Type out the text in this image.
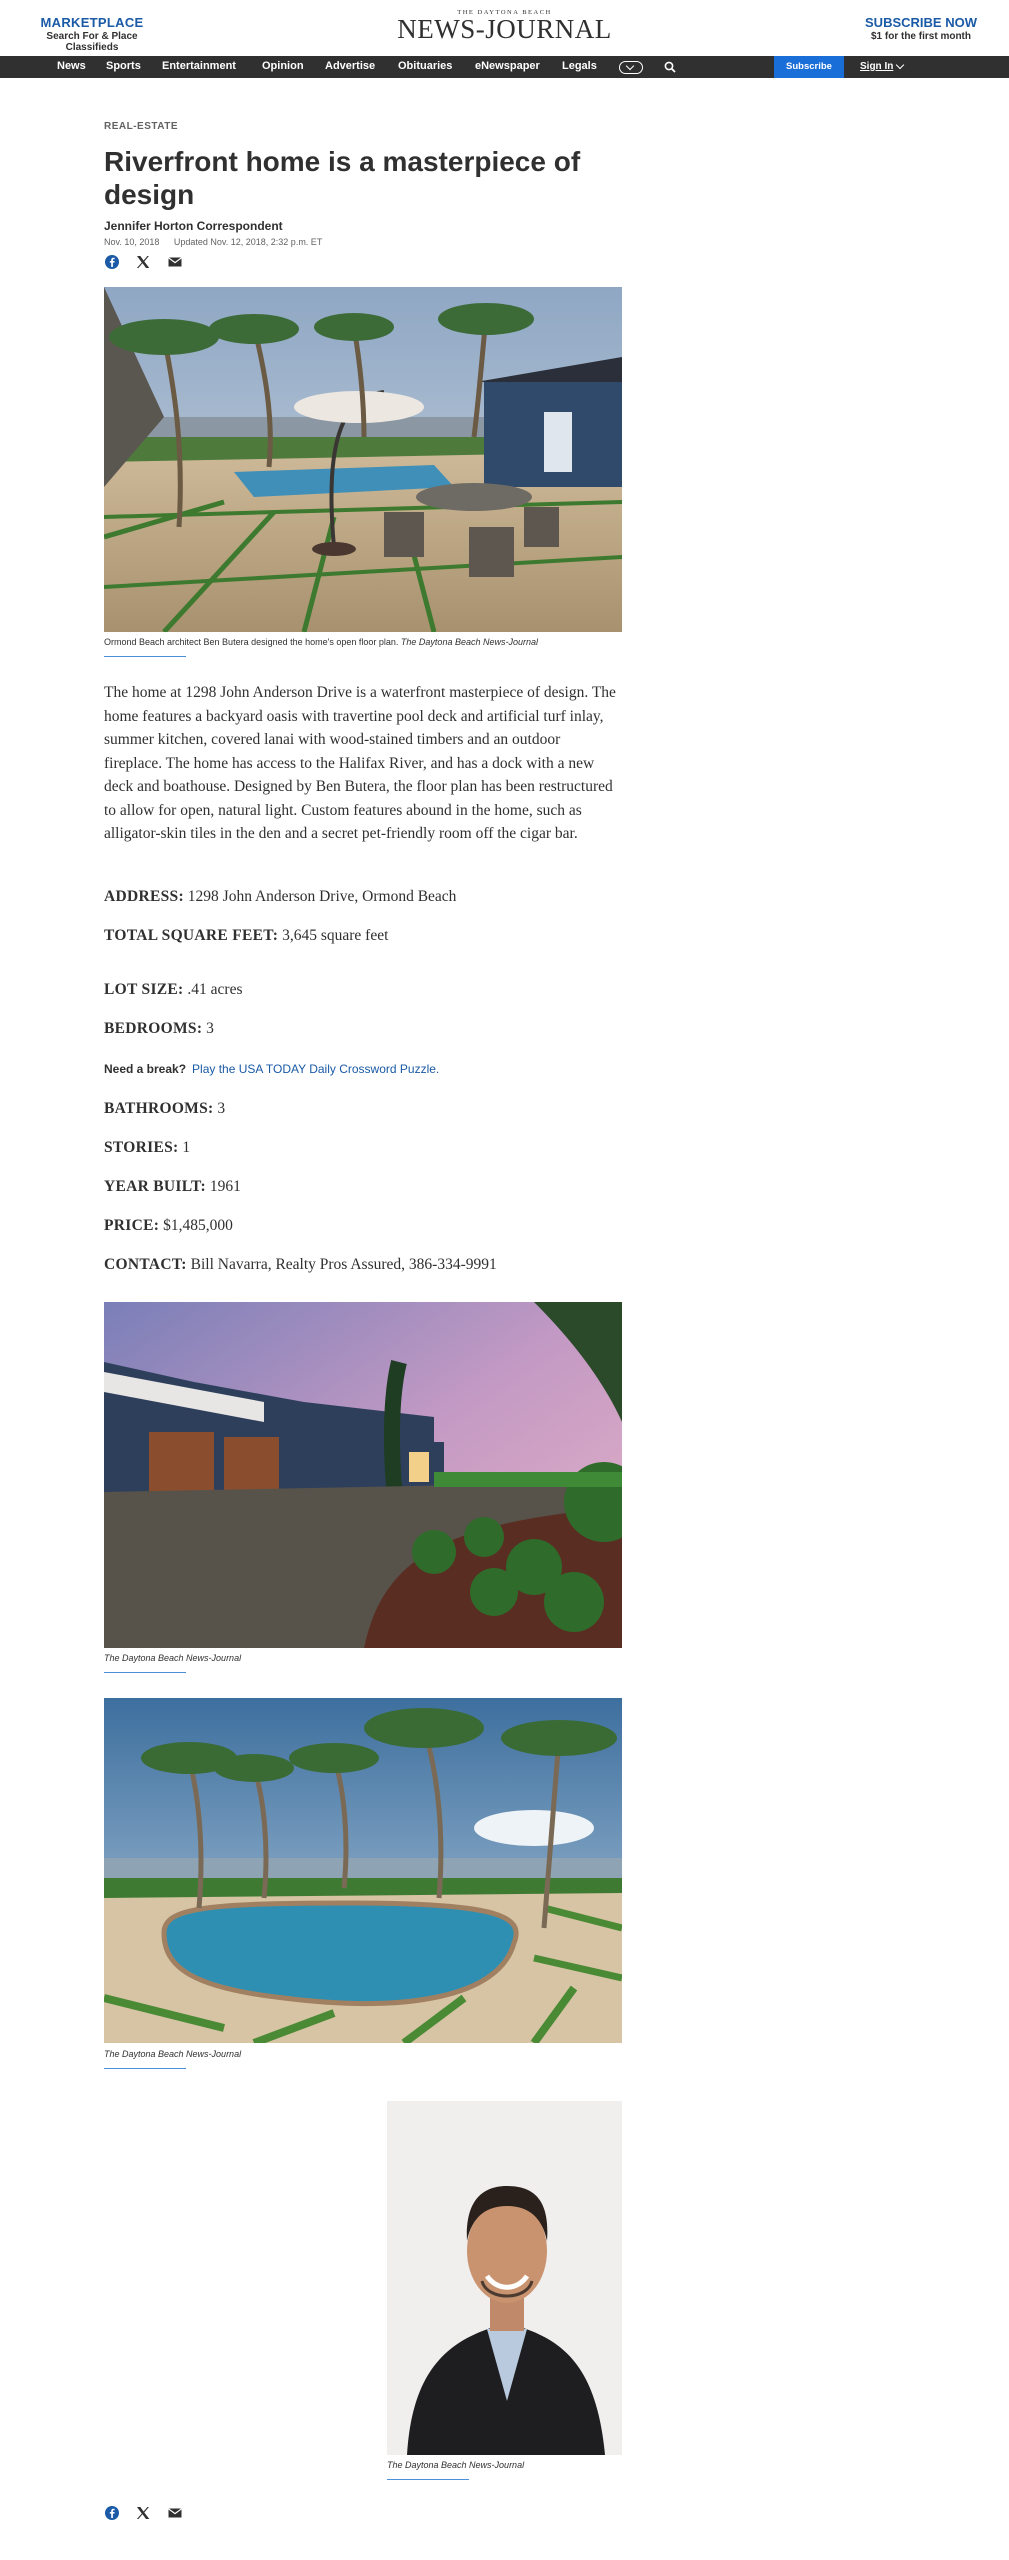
MARKETPLACE
Search For & Place Classifieds
THE DAYTONA BEACH
NEWS-JOURNAL	SUBSCRIBE NOW
$1 for the first month
News Sports Entertainment Opinion Advertise Obituaries eNewspaper Legals	Subscribe	Sign In
REAL-ESTATE
Riverfront home is a masterpiece of design
Jennifer Horton Correspondent
Nov. 10, 2018 Updated Nov. 12, 2018, 2:32 p.m. ET
Ormond Beach architect Ben Butera designed the home's open floor plan. The Daytona Beach News-Journal

The home at 1298 John Anderson Drive is a waterfront masterpiece of design. The home features a backyard oasis with travertine pool deck and artificial turf inlay, summer kitchen, covered lanai with wood-stained timbers and an outdoor fireplace. The home has access to the Halifax River, and has a dock with a new deck and boathouse. Designed by Ben Butera, the floor plan has been restructured to allow for open, natural light. Custom features abound in the home, such as alligator-skin tiles in the den and a secret pet-friendly room off the cigar bar.

ADDRESS: 1298 John Anderson Drive, Ormond Beach
TOTAL SQUARE FEET: 3,645 square feet
LOT SIZE: .41 acres
BEDROOMS: 3
Need a break? Play the USA TODAY Daily Crossword Puzzle.
BATHROOMS: 3
STORIES: 1
YEAR BUILT: 1961
PRICE: $1,485,000
CONTACT: Bill Navarra, Realty Pros Assured, 386-334-9991
The Daytona Beach News-Journal
The Daytona Beach News-Journal
The Daytona Beach News-Journal
